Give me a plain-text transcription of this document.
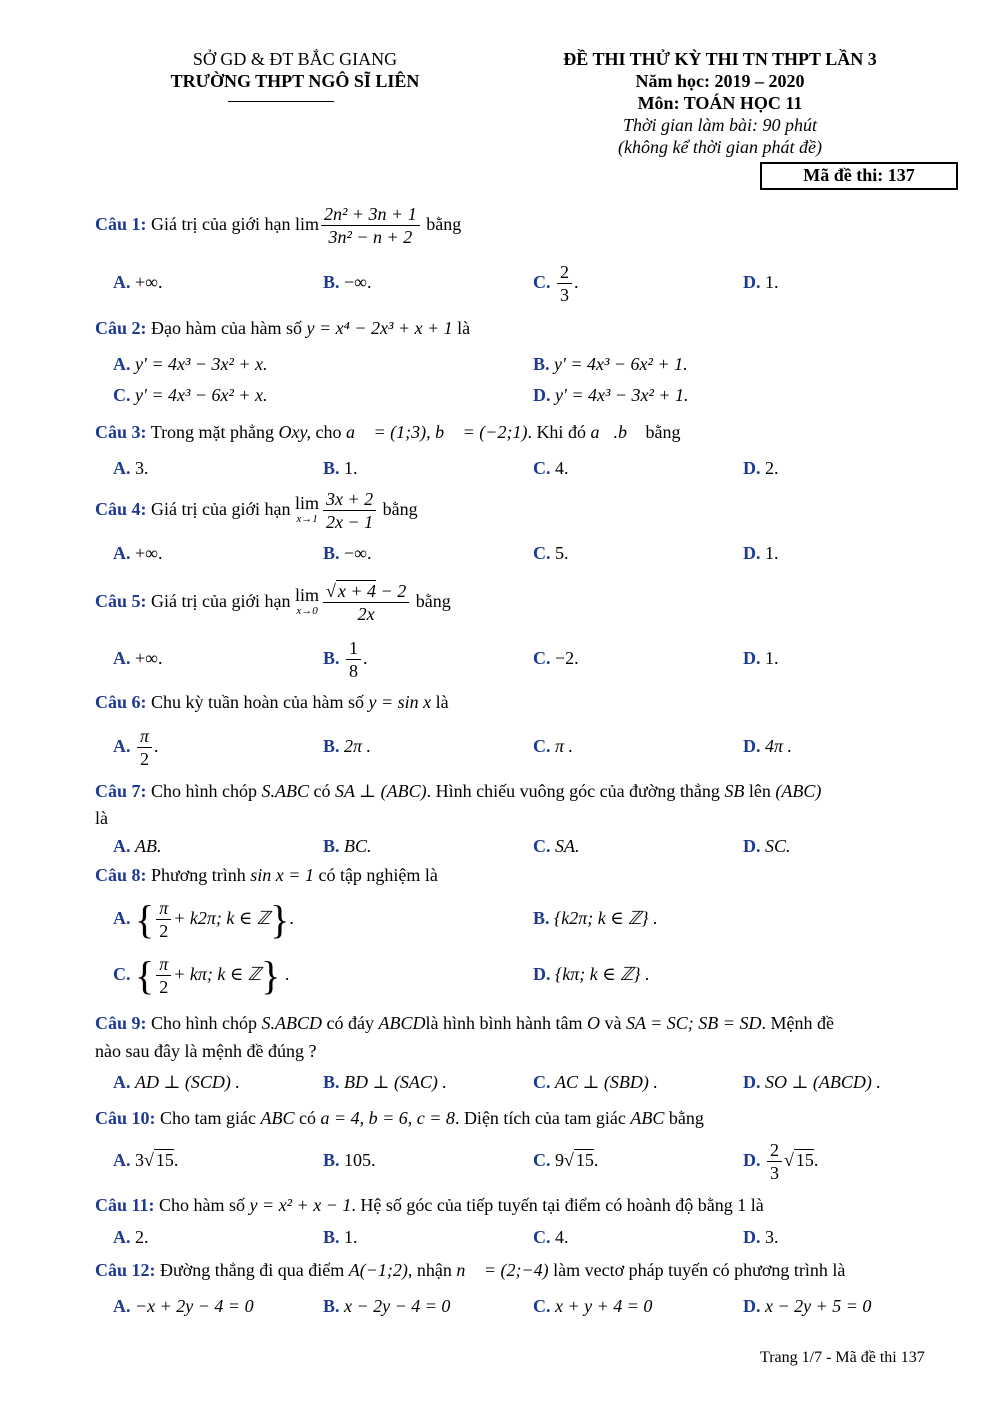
SỞ GD & ĐT BẮC GIANG
TRƯỜNG THPT NGÔ SĨ LIÊN
ĐỀ THI THỬ KỲ THI TN THPT LẦN 3
Năm học: 2019 – 2020
Môn: TOÁN HỌC 11
Thời gian làm bài: 90 phút
(không kể thời gian phát đề)
Mã đề thi: 137
Câu 1: Giá trị của giới hạn $\lim \frac{\text{2n² + 3n + 1}}{\text{3n² − n + 2}}$ bằng
A. +∞.	B. −∞.	C. $\frac{2}{3}$ .	D. 1.
Câu 2: Đạo hàm của hàm số y = x⁴ − 2x³ + x + 1 là
A. y' = 4x³ − 3x² + x.	B. y' = 4x³ − 6x² + 1.
C. y' = 4x³ − 6x² + x.	D. y' = 4x³ − 3x² + 1.
Câu 3: Trong mặt phẳng Oxy, cho a⃗ = (1;3), b⃗ = (−2;1). Khi đó a⃗.b⃗ bằng
A. 3.	B. 1.	C. 4.	D. 2.
Câu 4: Giá trị của giới hạn lim
$x\to 1 \frac{3x + 2}{2x - 1}$ bằng
A. +∞.	B. −∞.	C. 5.	D. 1.
Câu 5: Giá trị của giới hạn lim
$x\to 0 \frac{√ x + 4 - 2}{2x}$ bằng
A. +∞.	B. $\frac{1}{8}$ .	C. −2.	D. 1.
Câu 6: Chu kỳ tuần hoàn của hàm số y = sin x là
A. $\frac{\pi}{2}$ .	B. 2π .	C. π .	D. 4π .
Câu 7: Cho hình chóp S.ABC có SA ⊥ (ABC). Hình chiếu vuông góc của đường thẳng SB lên (ABC)
là
A. AB.	B. BC.	C. SA.	D. SC.
Câu 8: Phương trình sin x = 1 có tập nghiệm là
A. { $\frac{\pi}{2} + k2\pi$; k ∈ ℤ}.	B. {k2π; k ∈ ℤ} .
C. { $\frac{\pi}{2} + k\pi$; k ∈ ℤ} .	D. {kπ; k ∈ ℤ} .
Câu 9: Cho hình chóp S.ABCD có đáy ABCDlà hình bình hành tâm O và SA = SC; SB = SD. Mệnh đề
nào sau đây là mệnh đề đúng ?
A. AD ⊥ (SCD) .	B. BD ⊥ (SAC) .	C. AC ⊥ (SBD) .	D. SO ⊥ (ABCD) .
Câu 10: Cho tam giác ABC có a = 4, b = 6, c = 8. Diện tích của tam giác ABC bằng
A. 3√ 15.	B. 105.	C. 9√ 15.	D. $\frac{2}{3}$ √ 15.
Câu 11: Cho hàm số y = x² + x − 1. Hệ số góc của tiếp tuyến tại điểm có hoành độ bằng 1 là
A. 2.	B. 1.	C. 4.	D. 3.
Câu 12: Đường thẳng đi qua điểm A(−1;2), nhận n⃗ = (2;−4) làm vectơ pháp tuyến có phương trình là
A. −x + 2y − 4 = 0	B. x − 2y − 4 = 0	C. x + y + 4 = 0	D. x − 2y + 5 = 0
Trang 1/7 - Mã đề thi 137
